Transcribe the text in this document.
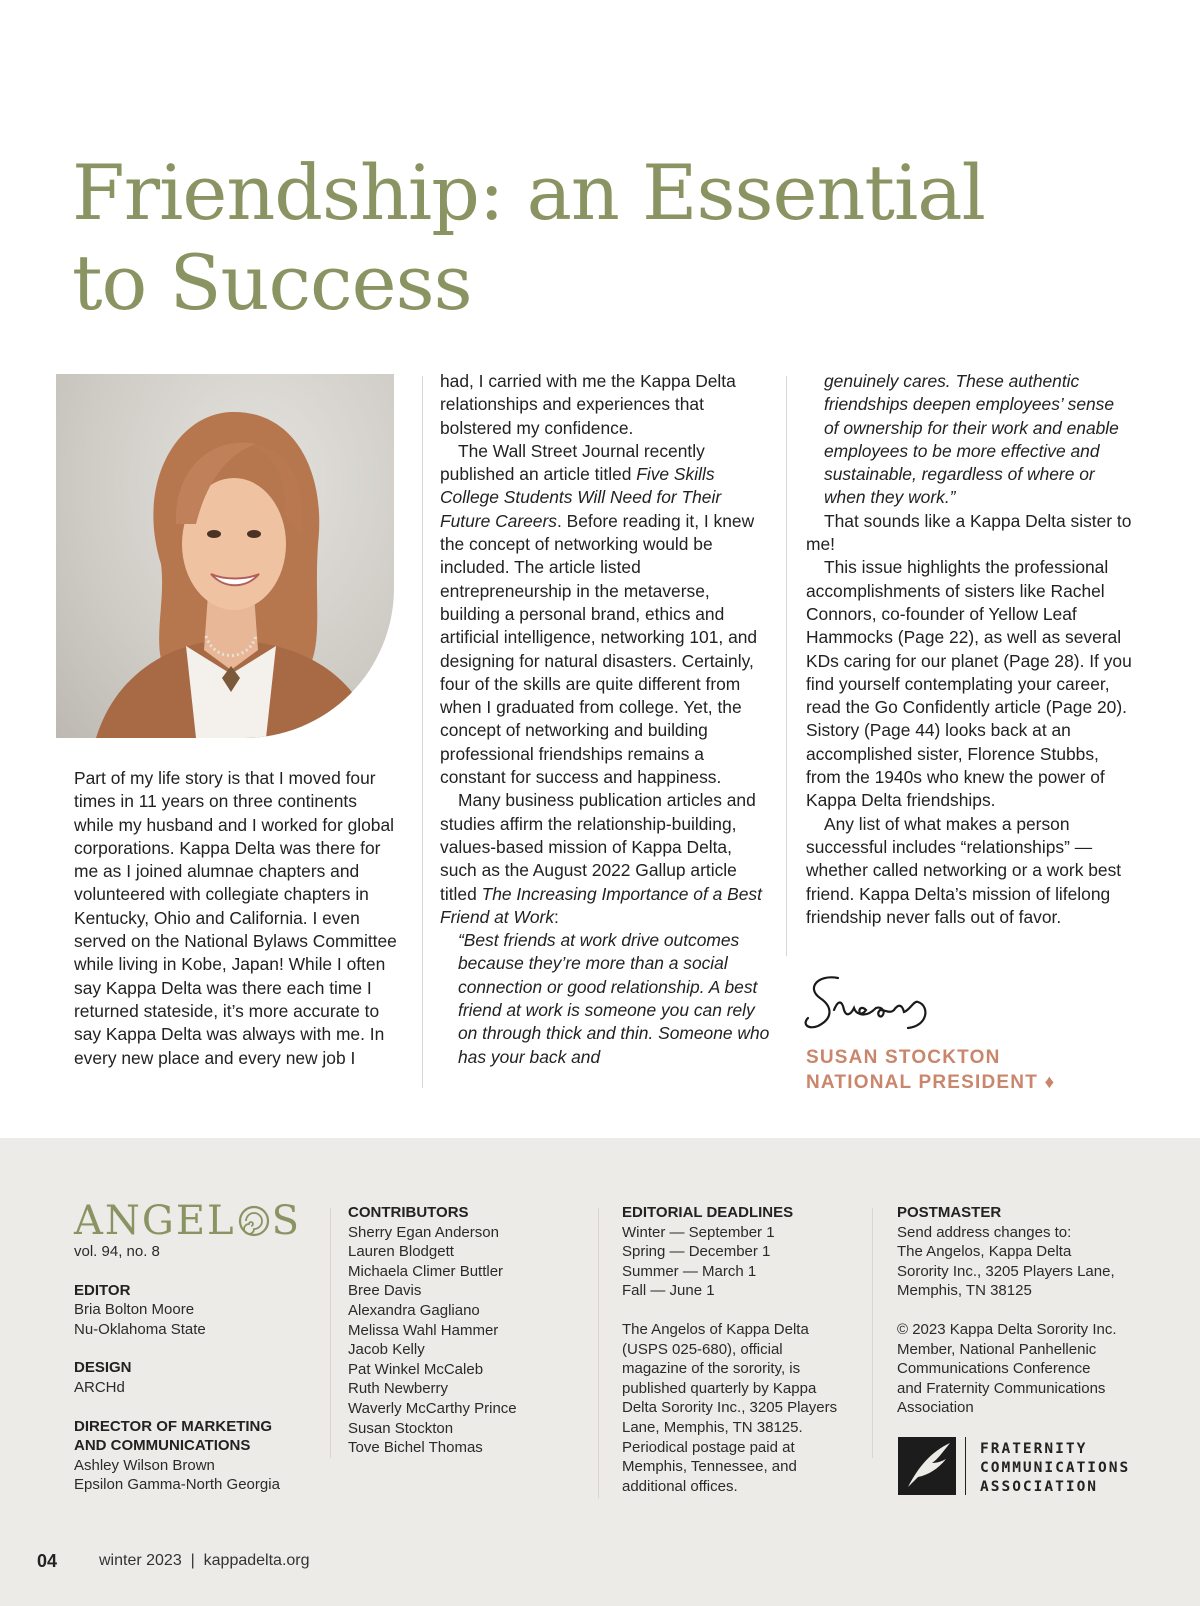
Friendship: an Essential
to Success

Part of my life story is that I moved four times in 11 years on three continents while my husband and I worked for global corporations. Kappa Delta was there for me as I joined alumnae chapters and volunteered with collegiate chapters in Kentucky, Ohio and California. I even served on the National Bylaws Committee while living in Kobe, Japan! While I often say Kappa Delta was there each time I returned stateside, it’s more accurate to say Kappa Delta was always with me. In every new place and every new job I

had, I carried with me the Kappa Delta relationships and experiences that bolstered my confidence.

The Wall Street Journal recently published an article titled Five Skills College Students Will Need for Their Future Careers. Before reading it, I knew the concept of networking would be included. The article listed entrepreneurship in the metaverse, building a personal brand, ethics and artificial intelligence, networking 101, and designing for natural disasters. Certainly, four of the skills are quite different from when I graduated from college. Yet, the concept of networking and building professional friendships remains a constant for success and happiness.

Many business publication articles and studies affirm the relationship-building, values-based mission of Kappa Delta, such as the August 2022 Gallup article titled The Increasing Importance of a Best Friend at Work:

“Best friends at work drive outcomes because they’re more than a social connection or good relationship. A best friend at work is someone you can rely on through thick and thin. Someone who has your back and

genuinely cares. These authentic friendships deepen employees’ sense of ownership for their work and enable employees to be more effective and sustainable, regardless of where or when they work.”

That sounds like a Kappa Delta sister to me!

This issue highlights the professional accomplishments of sisters like Rachel Connors, co-founder of Yellow Leaf Hammocks (Page 22), as well as several KDs caring for our planet (Page 28). If you find yourself contemplating your career, read the Go Confidently article (Page 20). Sistory (Page 44) looks back at an accomplished sister, Florence Stubbs, from the 1940s who knew the power of Kappa Delta friendships.

Any list of what makes a person successful includes “relationships” — whether called networking or a work best friend. Kappa Delta’s mission of lifelong friendship never falls out of favor.

SUSAN STOCKTON
NATIONAL PRESIDENT ♦
ANGEL S

vol. 94, no. 8

EDITOR

Bria Bolton Moore

Nu-Oklahoma State

DESIGN

ARCHd

DIRECTOR OF MARKETING

AND COMMUNICATIONS

Ashley Wilson Brown

Epsilon Gamma-North Georgia

CONTRIBUTORS

Sherry Egan Anderson

Lauren Blodgett

Michaela Climer Buttler

Bree Davis

Alexandra Gagliano

Melissa Wahl Hammer

Jacob Kelly

Pat Winkel McCaleb

Ruth Newberry

Waverly McCarthy Prince

Susan Stockton

Tove Bichel Thomas

EDITORIAL DEADLINES

Winter — September 1

Spring — December 1

Summer — March 1

Fall — June 1

The Angelos of Kappa Delta

(USPS 025-680), official

magazine of the sorority, is

published quarterly by Kappa

Delta Sorority Inc., 3205 Players

Lane, Memphis, TN 38125.

Periodical postage paid at

Memphis, Tennessee, and

additional offices.

POSTMASTER

Send address changes to:

The Angelos, Kappa Delta

Sorority Inc., 3205 Players Lane,

Memphis, TN 38125

© 2023 Kappa Delta Sorority Inc.

Member, National Panhellenic

Communications Conference

and Fraternity Communications

Association

FRATERNITY
COMMUNICATIONS
ASSOCIATION
04	winter 2023 | kappadelta.org
